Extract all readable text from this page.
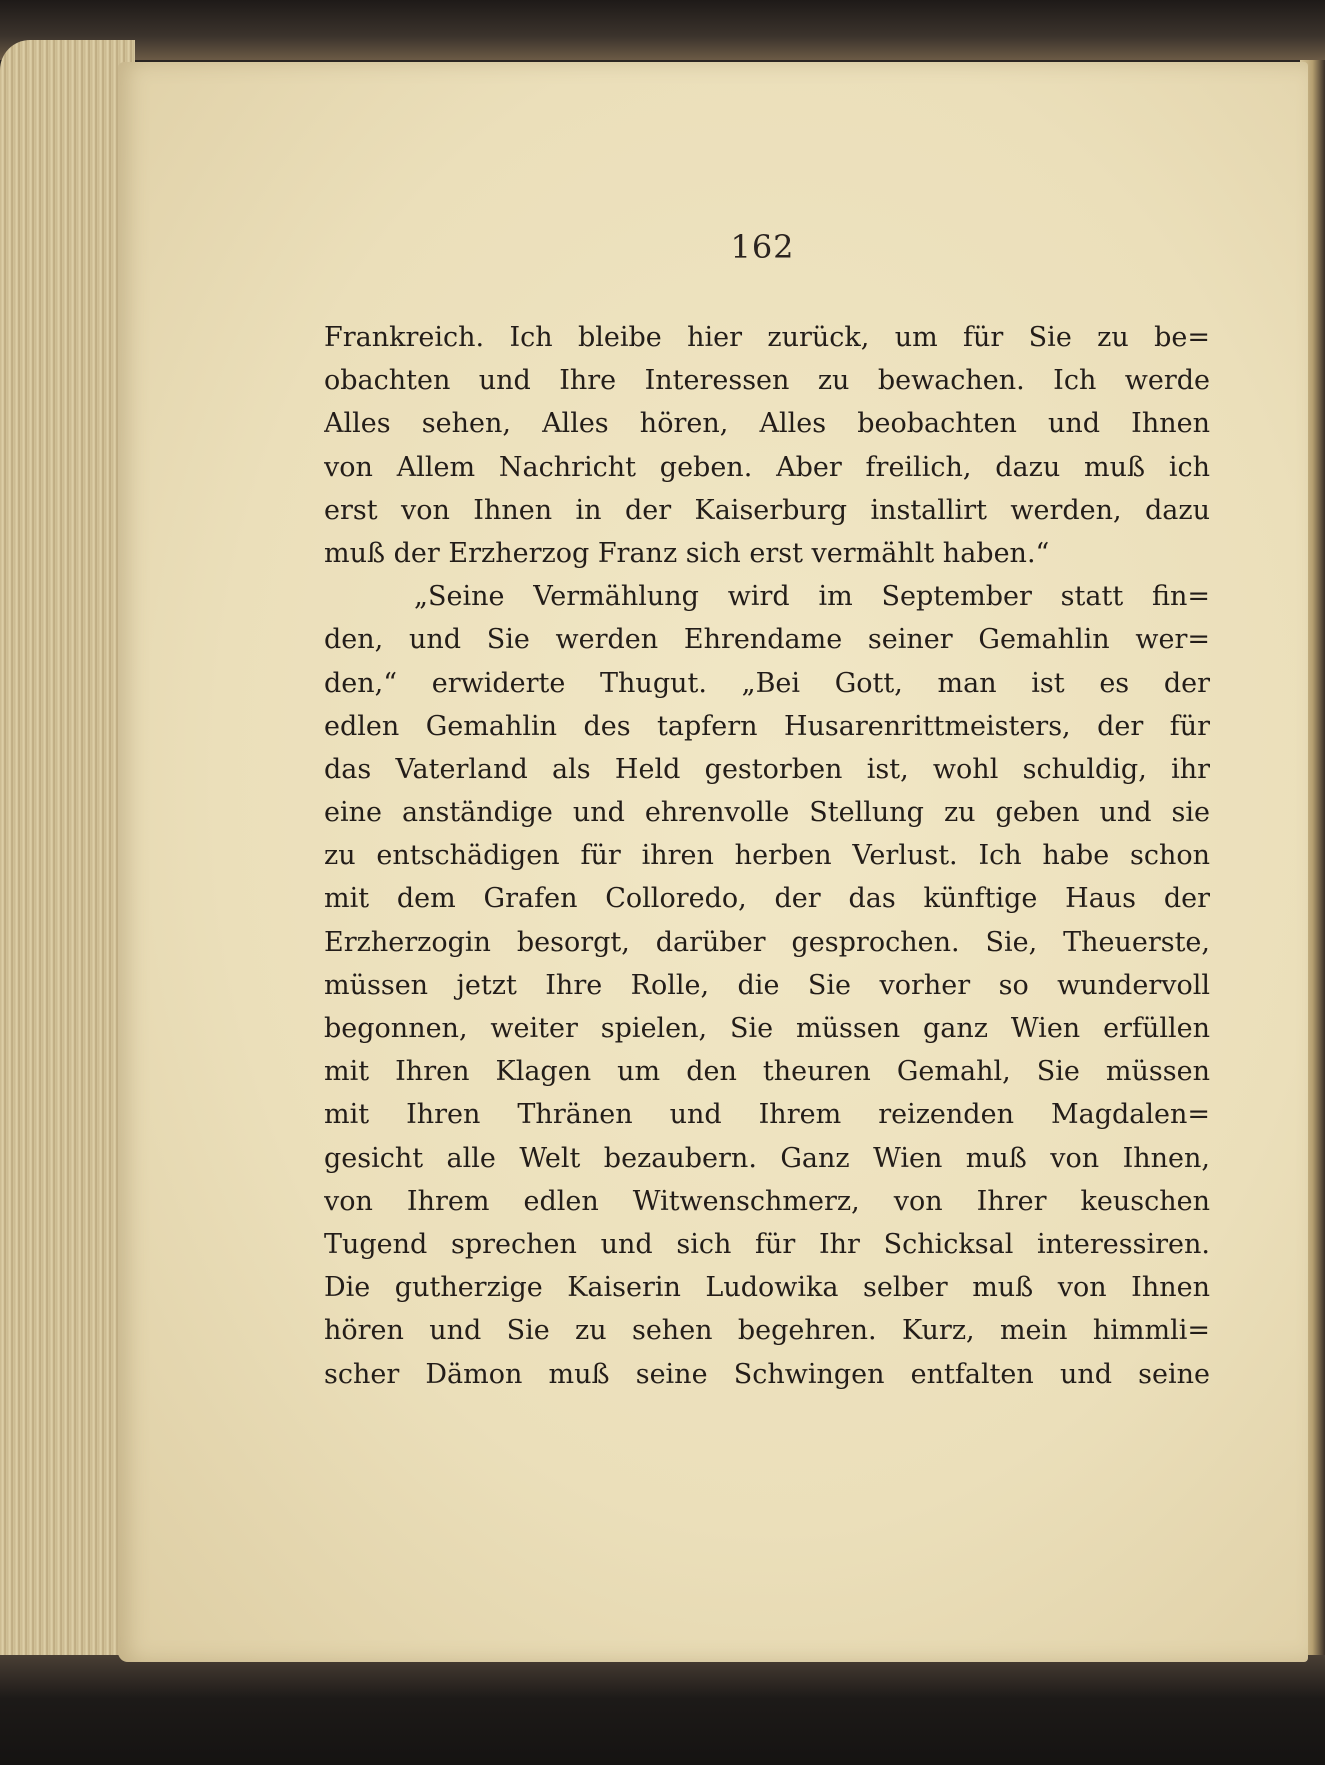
162
Frankreich. Ich bleibe hier zurück, um für Sie zu be=
obachten und Ihre Interessen zu bewachen. Ich werde
Alles sehen, Alles hören, Alles beobachten und Ihnen
von Allem Nachricht geben. Aber freilich, dazu muß ich
erst von Ihnen in der Kaiserburg installirt werden, dazu
muß der Erzherzog Franz sich erst vermählt haben.“
„Seine Vermählung wird im September statt fin=
den, und Sie werden Ehrendame seiner Gemahlin wer=
den,“ erwiderte Thugut. „Bei Gott, man ist es der
edlen Gemahlin des tapfern Husarenrittmeisters, der für
das Vaterland als Held gestorben ist, wohl schuldig, ihr
eine anständige und ehrenvolle Stellung zu geben und sie
zu entschädigen für ihren herben Verlust. Ich habe schon
mit dem Grafen Colloredo, der das künftige Haus der
Erzherzogin besorgt, darüber gesprochen. Sie, Theuerste,
müssen jetzt Ihre Rolle, die Sie vorher so wundervoll
begonnen, weiter spielen, Sie müssen ganz Wien erfüllen
mit Ihren Klagen um den theuren Gemahl, Sie müssen
mit Ihren Thränen und Ihrem reizenden Magdalen=
gesicht alle Welt bezaubern. Ganz Wien muß von Ihnen,
von Ihrem edlen Witwenschmerz, von Ihrer keuschen
Tugend sprechen und sich für Ihr Schicksal interessiren.
Die gutherzige Kaiserin Ludowika selber muß von Ihnen
hören und Sie zu sehen begehren. Kurz, mein himmli=
scher Dämon muß seine Schwingen entfalten und seine
